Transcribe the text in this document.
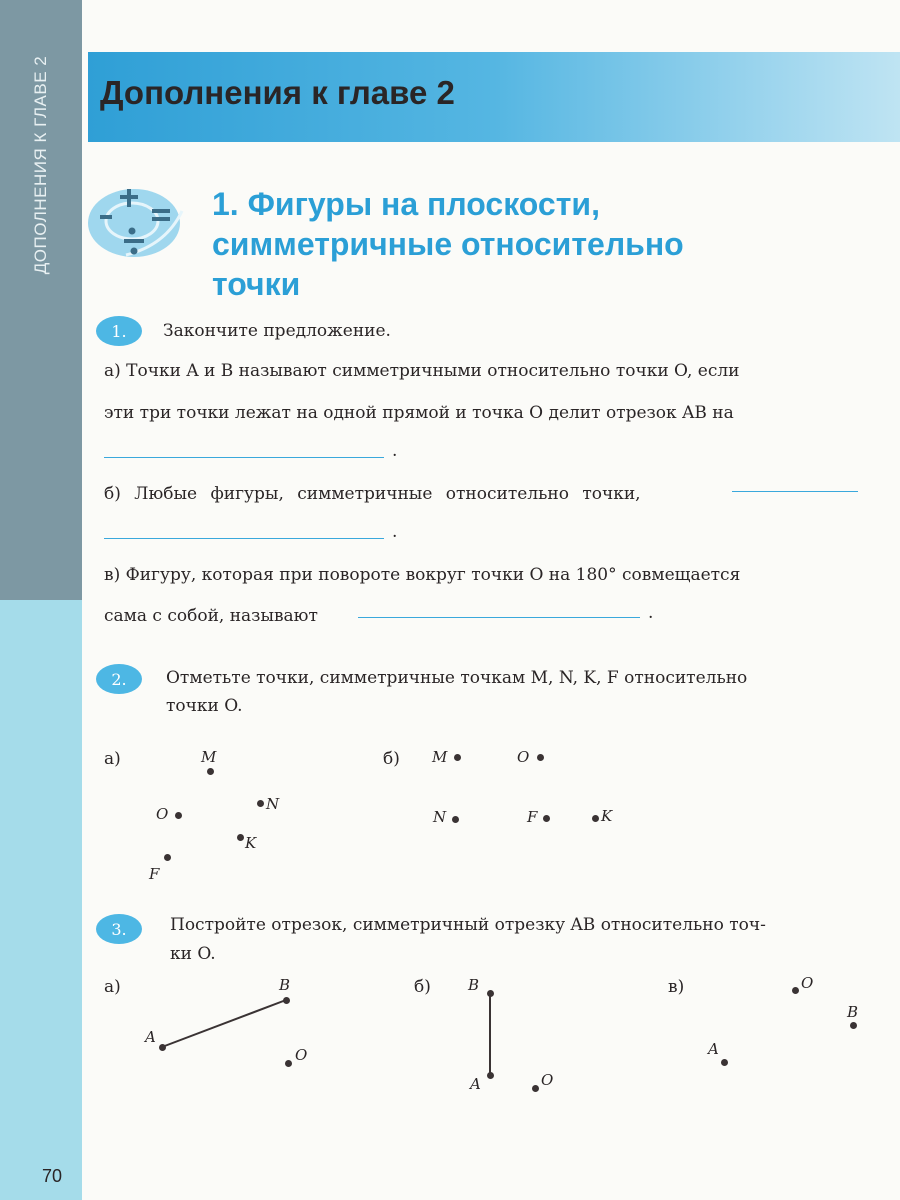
ДОПОЛНЕНИЯ К ГЛАВЕ 2 Дополнения к главе 2
1. Фигуры на плоскости,
симметричные относительно
точки
1.	Закончите предложение.
а) Точки A и B называют симметричными относительно точки O, если
эти три точки лежат на одной прямой и точка O делит отрезок AB на
.
б) Любые фигуры, симметричные относительно точки,
.
в) Фигуру, которая при повороте вокруг точки O на 180° совмещается
сама с собой, называют	.
2.	Отметьте точки, симметричные точкам M, N, K, F относительно
точки O.
а)	б)
M
O
N
K
F
M	O
N	F	K
3.	Постройте отрезок, симметричный отрезку AB относительно точ-
ки O.
а)	б)	в)
A
B
O
B
A	O
O
B
A
70
